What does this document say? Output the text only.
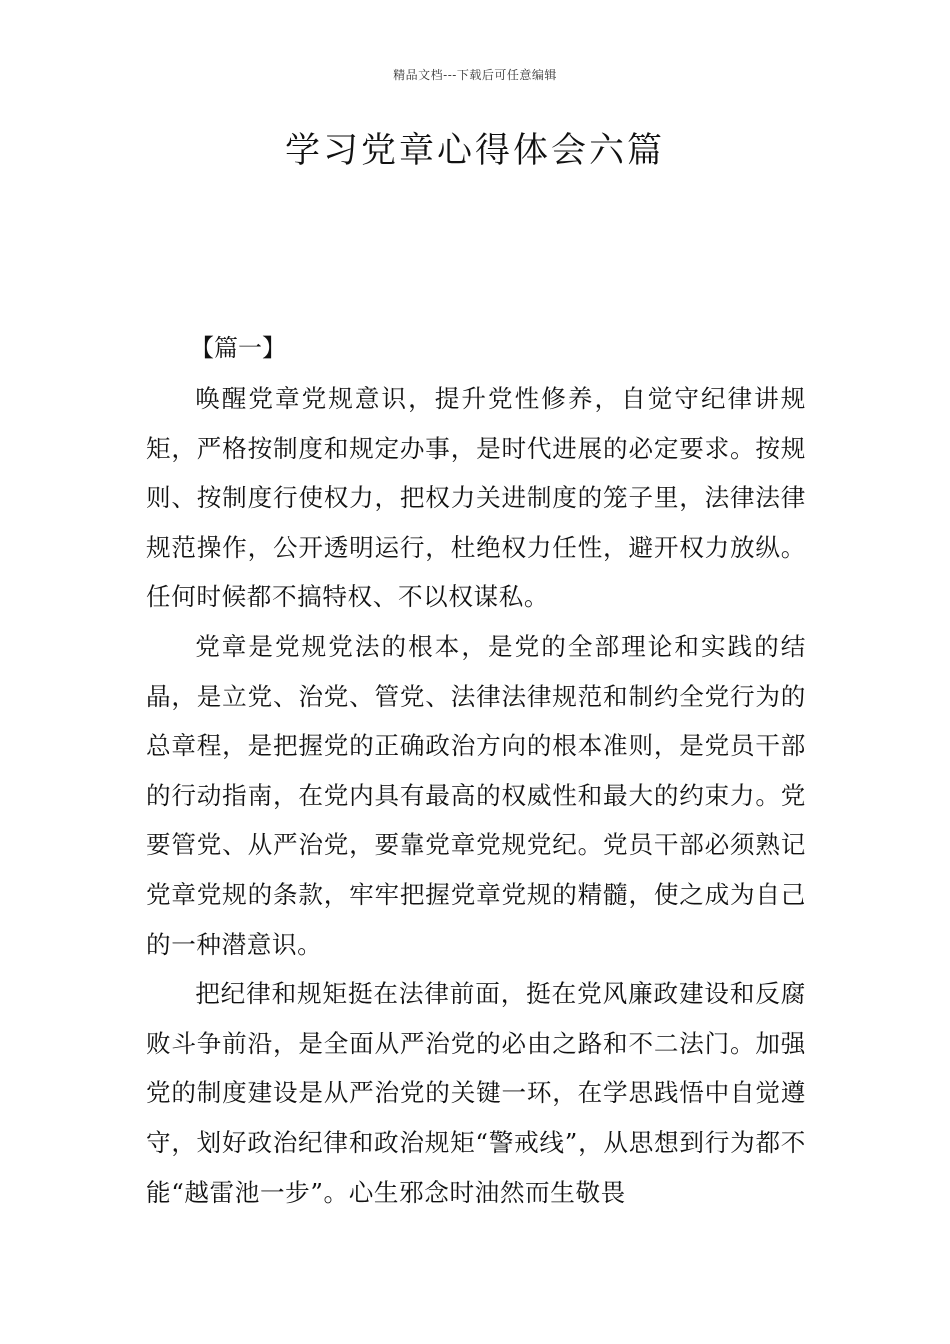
精品文档---下载后可任意编辑
学习党章心得体会六篇
【篇一】

唤醒党章党规意识，提升党性修养，自觉守纪律讲规矩，严格按制度和规定办事，是时代进展的必定要求。按规则、按制度行使权力，把权力关进制度的笼子里，法律法律规范操作，公开透明运行，杜绝权力任性，避开权力放纵。任何时候都不搞特权、不以权谋私。

党章是党规党法的根本，是党的全部理论和实践的结晶，是立党、治党、管党、法律法律规范和制约全党行为的总章程，是把握党的正确政治方向的根本准则，是党员干部的行动指南，在党内具有最高的权威性和最大的约束力。党要管党、从严治党，要靠党章党规党纪。党员干部必须熟记党章党规的条款，牢牢把握党章党规的精髓，使之成为自己的一种潜意识。

把纪律和规矩挺在法律前面，挺在党风廉政建设和反腐败斗争前沿，是全面从严治党的必由之路和不二法门。加强党的制度建设是从严治党的关键一环，在学思践悟中自觉遵守，划好政治纪律和政治规矩“警戒线”，从思想到行为都不能“越雷池一步”。心生邪念时油然而生敬畏
